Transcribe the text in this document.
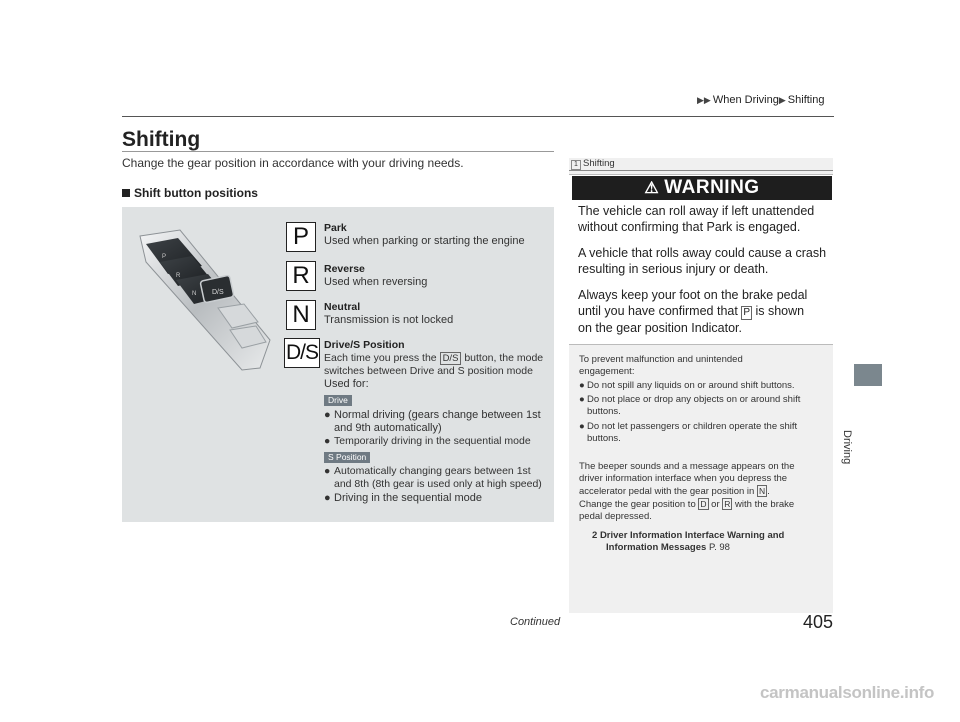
▶▶ When Driving▶ Shifting
Shifting
Change the gear position in accordance with your driving needs.
Shift button positions
D/S
P
R
N
P	Park
Used when parking or starting the engine
R	Reverse
Used when reversing
N	Neutral
Transmission is not locked
D/S Drive/S Position
Each time you press the D/S button, the mode
switches between Drive and S position mode
Used for:
Drive
● Normal driving (gears change between 1st
and 9th automatically)
● Temporarily driving in the sequential mode
S Position
● Automatically changing gears between 1st
and 8th (8th gear is used only at high speed)
● Driving in the sequential mode
1 Shifting
⚠ WARNING
The vehicle can roll away if left unattended
without confirming that Park is engaged.
A vehicle that rolls away could cause a crash
resulting in serious injury or death.
Always keep your foot on the brake pedal
until you have confirmed that P is shown
on the gear position Indicator.
To prevent malfunction and unintended
engagement:
● Do not spill any liquids on or around shift buttons.
● Do not place or drop any objects on or around shift
buttons.
● Do not let passengers or children operate the shift
buttons.
The beeper sounds and a message appears on the
driver information interface when you depress the
accelerator pedal with the gear position in N .
Change the gear position to D or R with the brake
pedal depressed.
2 Driver Information Interface Warning and
Information Messages P. 98
Driving
Continued	405
carmanualsonline.info
